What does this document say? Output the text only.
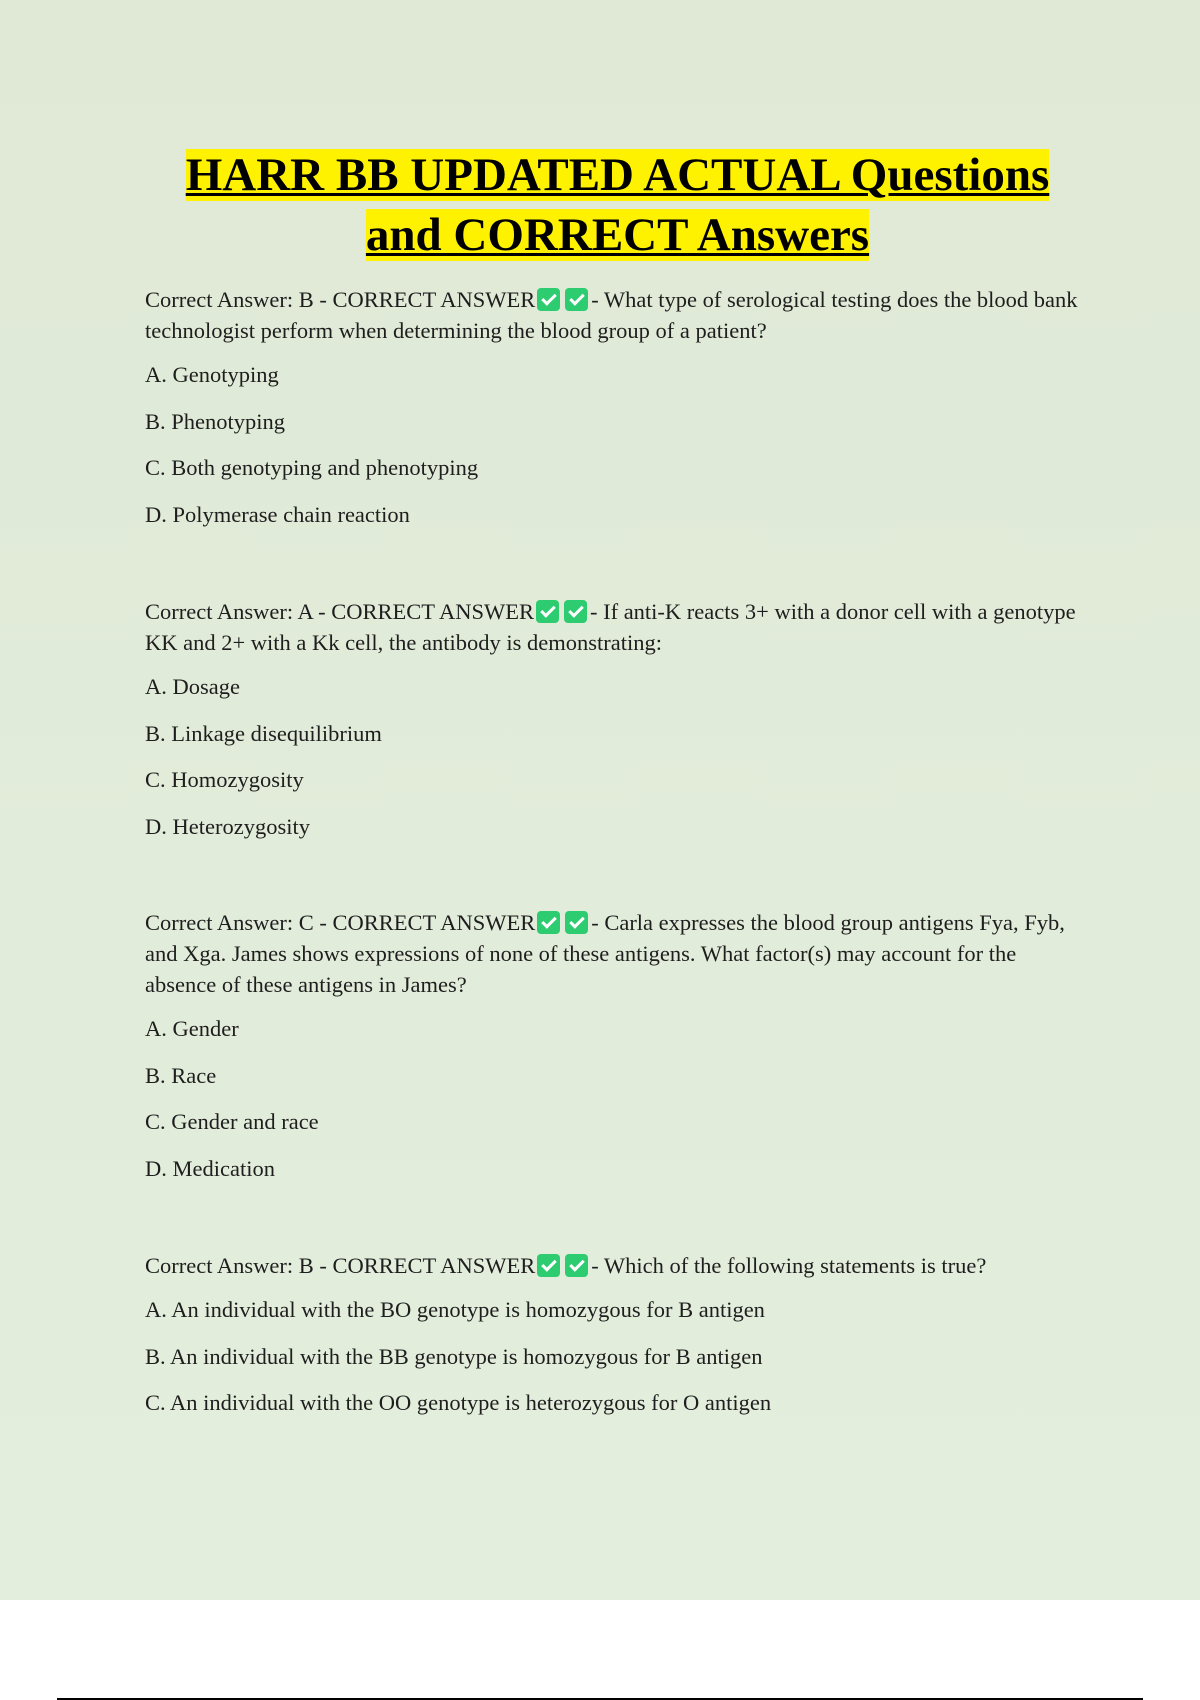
HARR BB UPDATED ACTUAL Questions
and CORRECT Answers

Correct Answer: B - CORRECT ANSWER - What type of serological testing does the blood bank technologist perform when determining the blood group of a patient?

A. Genotyping

B. Phenotyping

C. Both genotyping and phenotyping

D. Polymerase chain reaction

Correct Answer: A - CORRECT ANSWER - If anti-K reacts 3+ with a donor cell with a genotype KK and 2+ with a Kk cell, the antibody is demonstrating:

A. Dosage

B. Linkage disequilibrium

C. Homozygosity

D. Heterozygosity

Correct Answer: C - CORRECT ANSWER - Carla expresses the blood group antigens Fya, Fyb, and Xga. James shows expressions of none of these antigens. What factor(s) may account for the absence of these antigens in James?

A. Gender

B. Race

C. Gender and race

D. Medication

Correct Answer: B - CORRECT ANSWER - Which of the following statements is true?

A. An individual with the BO genotype is homozygous for B antigen

B. An individual with the BB genotype is homozygous for B antigen

C. An individual with the OO genotype is heterozygous for O antigen
